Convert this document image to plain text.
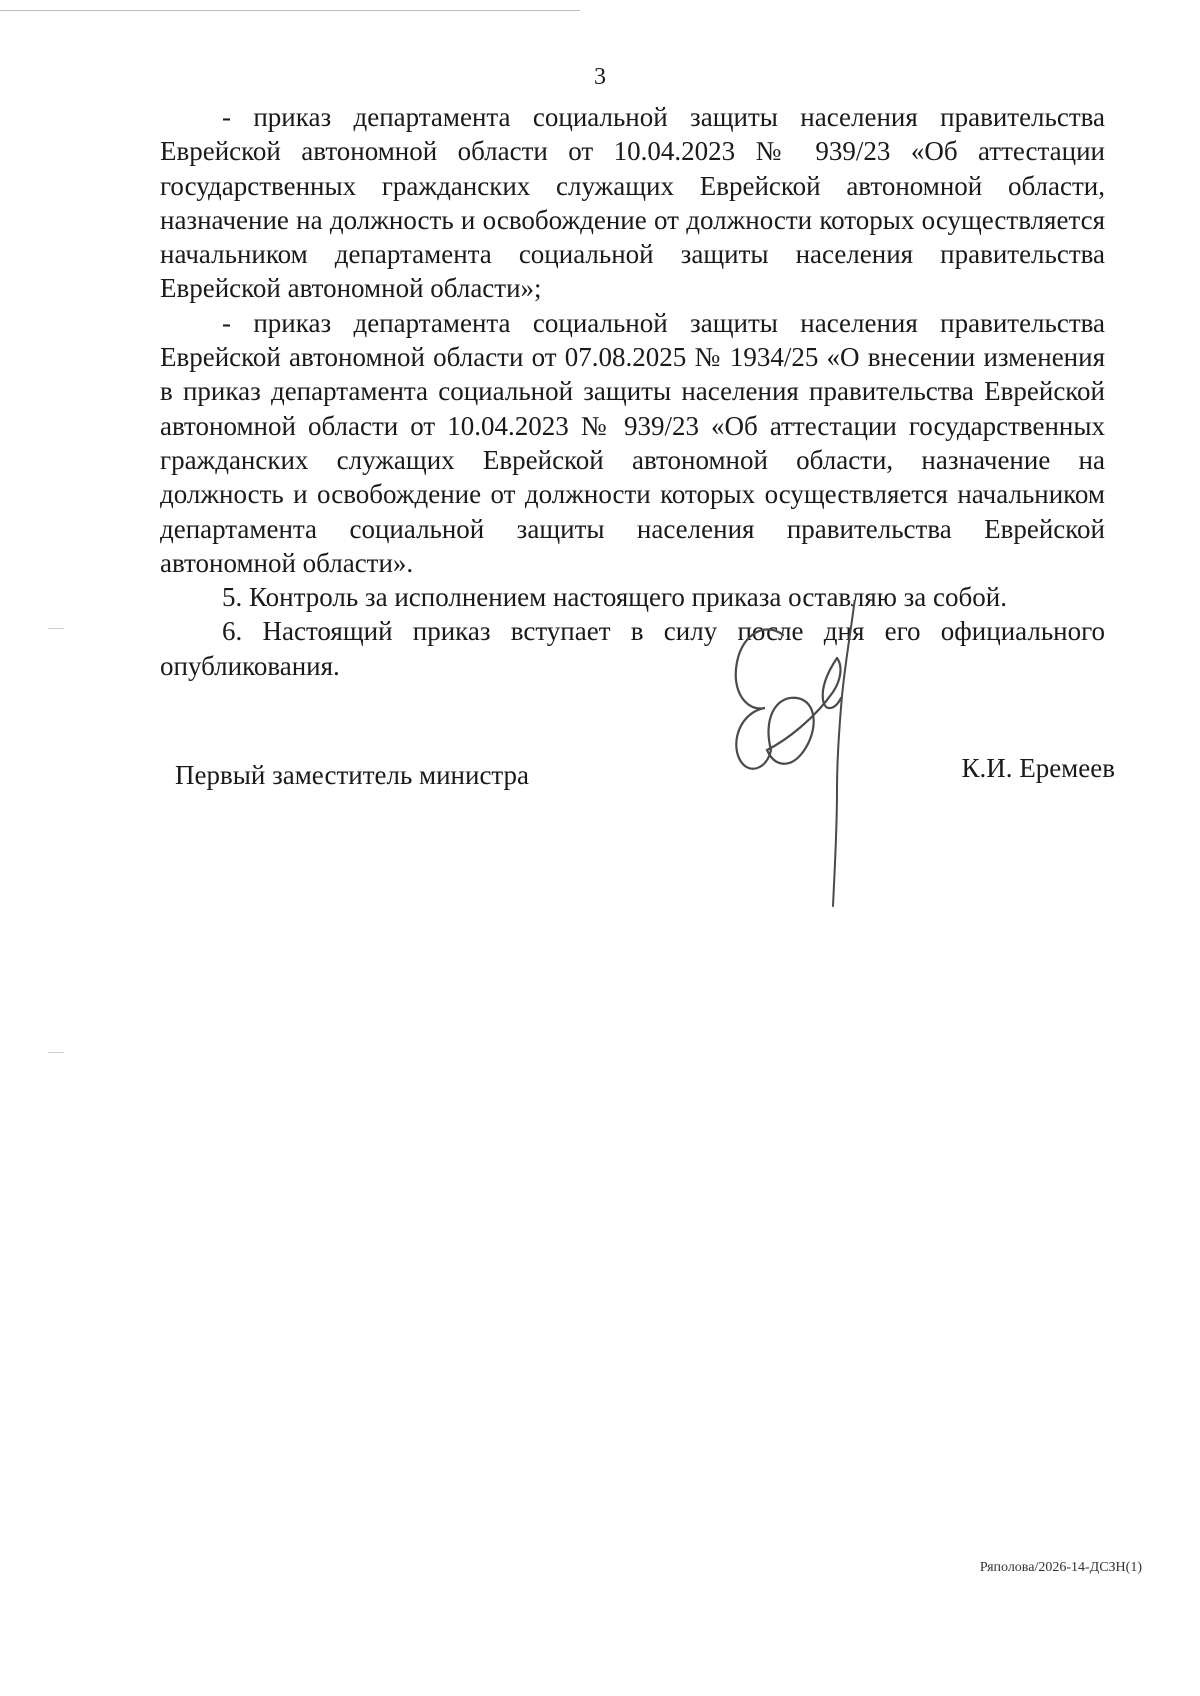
3

- приказ департамента социальной защиты населения правительства Еврейской автономной области от 10.04.2023 № 939/23 «Об аттестации государственных гражданских служащих Еврейской автономной области, назначение на должность и освобождение от должности которых осуществляется начальником департамента социальной защиты населения правительства Еврейской автономной области»;

- приказ департамента социальной защиты населения правительства Еврейской автономной области от 07.08.2025 № 1934/25 «О внесении изменения в приказ департамента социальной защиты населения правительства Еврейской автономной области от 10.04.2023 № 939/23 «Об аттестации государственных гражданских служащих Еврейской автономной области, назначение на должность и освобождение от должности которых осуществляется начальником департамента социальной защиты населения правительства Еврейской автономной области».

5. Контроль за исполнением настоящего приказа оставляю за собой.

6. Настоящий приказ вступает в силу после дня его официального опубликования.

Первый заместитель министра	К.И. Еремеев
Ряполова/2026-14-ДСЗН(1)
